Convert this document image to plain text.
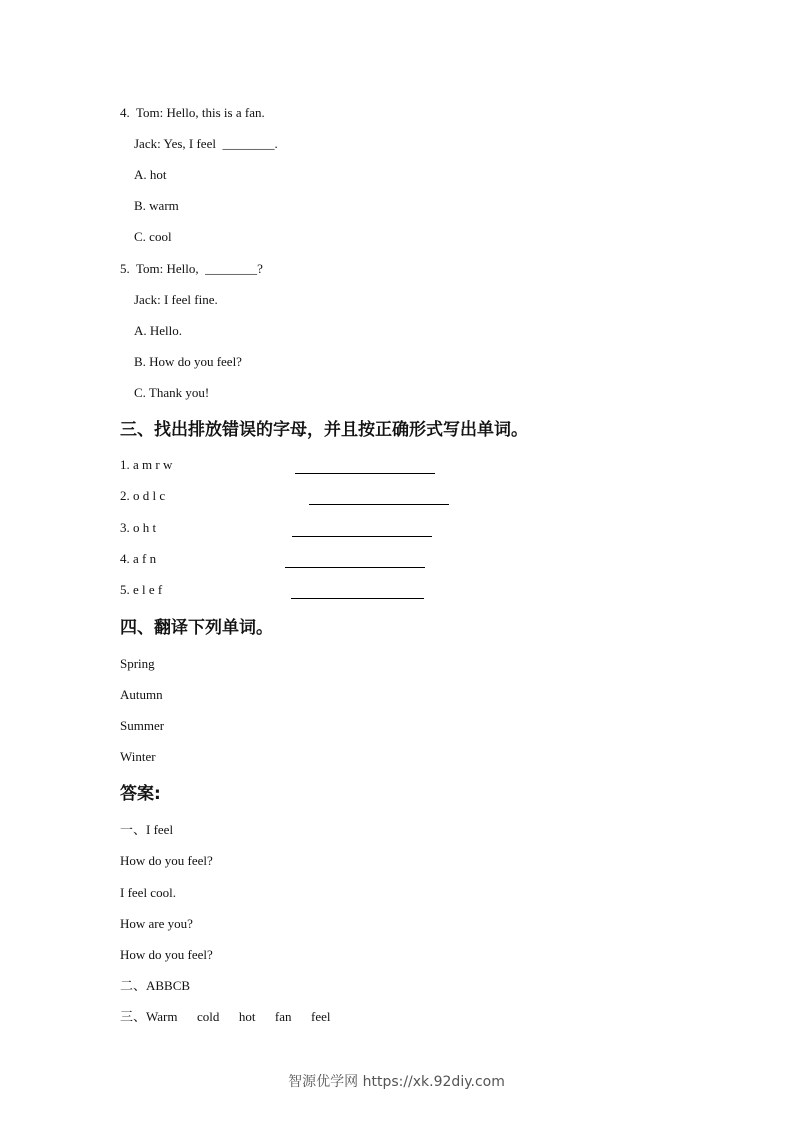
4.  Tom: Hello, this is a fan.
Jack: Yes, I feel  ________.
A. hot
B. warm
C. cool
5.  Tom: Hello,  ________?
Jack: I feel fine.
A. Hello.
B. How do you feel?
C. Thank you!
三、找出排放错误的字母，并且按正确形式写出单词。
1. a m r w
2. o d l c
3. o h t
4. a f n
5. e l e f
四、翻译下列单词。
Spring
Autumn
Summer
Winter
答案:
一、I feel
How do you feel?
I feel cool.
How are you?
How do you feel?
二、ABBCB
三、Warm      cold      hot      fan      feel
智源优学网 https://xk.92diy.com
